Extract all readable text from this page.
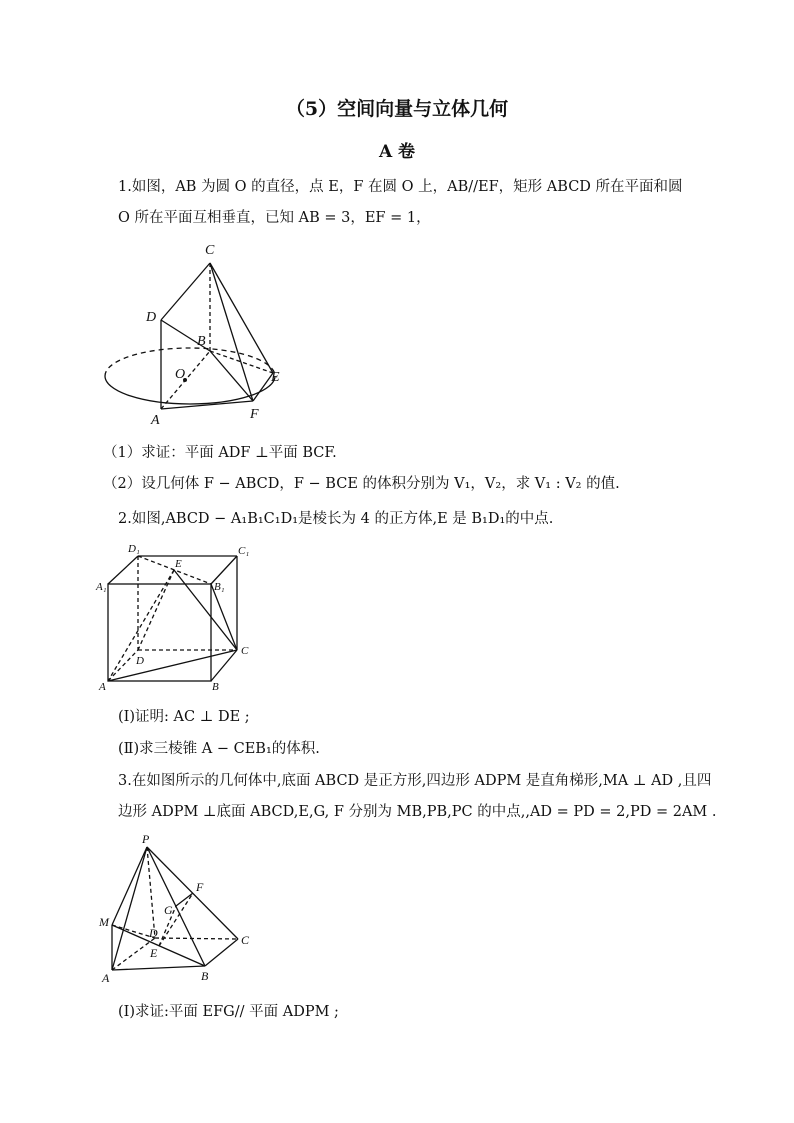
（5）空间向量与立体几何
A 卷
1.如图，AB 为圆 O 的直径，点 E，F 在圆 O 上，AB//EF，矩形 ABCD 所在平面和圆
O 所在平面互相垂直，已知 AB = 3，EF = 1，
C
D
B
O	E
A	F
（1）求证：平面 ADF ⊥平面 BCF.
（2）设几何体 F − ABCD，F − BCE 的体积分别为 V₁，V₂，求 V₁ : V₂ 的值.
2.如图,ABCD − A₁B₁C₁D₁是棱长为 4 的正方体,E 是 B₁D₁的中点.
D₁	C₁
A₁	B₁
E
D
C
A	B
(Ⅰ)证明: AC ⊥ DE ;
(Ⅱ)求三棱锥 A − CEB₁的体积.
3.在如图所示的几何体中,底面 ABCD 是正方形,四边形 ADPM 是直角梯形,MA ⊥ AD ,且四
边形 ADPM ⊥底面 ABCD,E,G, F 分别为 MB,PB,PC 的中点,,AD = PD = 2,PD = 2AM .
P
F
G
M
D	C
E
A	B
(Ⅰ)求证:平面 EFG// 平面 ADPM ;
